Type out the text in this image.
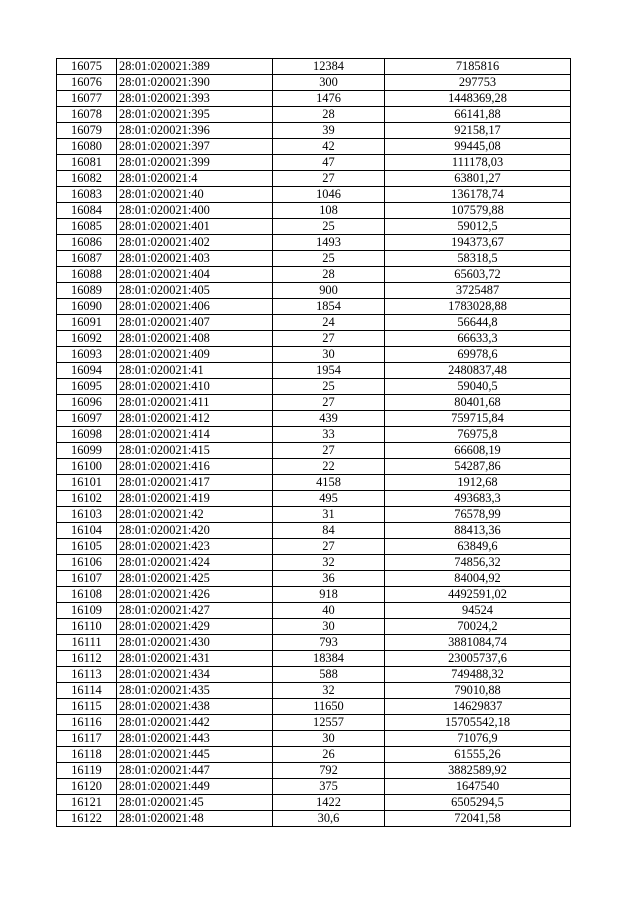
16075	28:01:020021:389	12384	7185816
16076	28:01:020021:390	300	297753
16077	28:01:020021:393	1476	1448369,28
16078	28:01:020021:395	28	66141,88
16079	28:01:020021:396	39	92158,17
16080	28:01:020021:397	42	99445,08
16081	28:01:020021:399	47	111178,03
16082	28:01:020021:4	27	63801,27
16083	28:01:020021:40	1046	136178,74
16084	28:01:020021:400	108	107579,88
16085	28:01:020021:401	25	59012,5
16086	28:01:020021:402	1493	194373,67
16087	28:01:020021:403	25	58318,5
16088	28:01:020021:404	28	65603,72
16089	28:01:020021:405	900	3725487
16090	28:01:020021:406	1854	1783028,88
16091	28:01:020021:407	24	56644,8
16092	28:01:020021:408	27	66633,3
16093	28:01:020021:409	30	69978,6
16094	28:01:020021:41	1954	2480837,48
16095	28:01:020021:410	25	59040,5
16096	28:01:020021:411	27	80401,68
16097	28:01:020021:412	439	759715,84
16098	28:01:020021:414	33	76975,8
16099	28:01:020021:415	27	66608,19
16100	28:01:020021:416	22	54287,86
16101	28:01:020021:417	4158	1912,68
16102	28:01:020021:419	495	493683,3
16103	28:01:020021:42	31	76578,99
16104	28:01:020021:420	84	88413,36
16105	28:01:020021:423	27	63849,6
16106	28:01:020021:424	32	74856,32
16107	28:01:020021:425	36	84004,92
16108	28:01:020021:426	918	4492591,02
16109	28:01:020021:427	40	94524
16110	28:01:020021:429	30	70024,2
16111	28:01:020021:430	793	3881084,74
16112	28:01:020021:431	18384	23005737,6
16113	28:01:020021:434	588	749488,32
16114	28:01:020021:435	32	79010,88
16115	28:01:020021:438	11650	14629837
16116	28:01:020021:442	12557	15705542,18
16117	28:01:020021:443	30	71076,9
16118	28:01:020021:445	26	61555,26
16119	28:01:020021:447	792	3882589,92
16120	28:01:020021:449	375	1647540
16121	28:01:020021:45	1422	6505294,5
16122	28:01:020021:48	30,6	72041,58
